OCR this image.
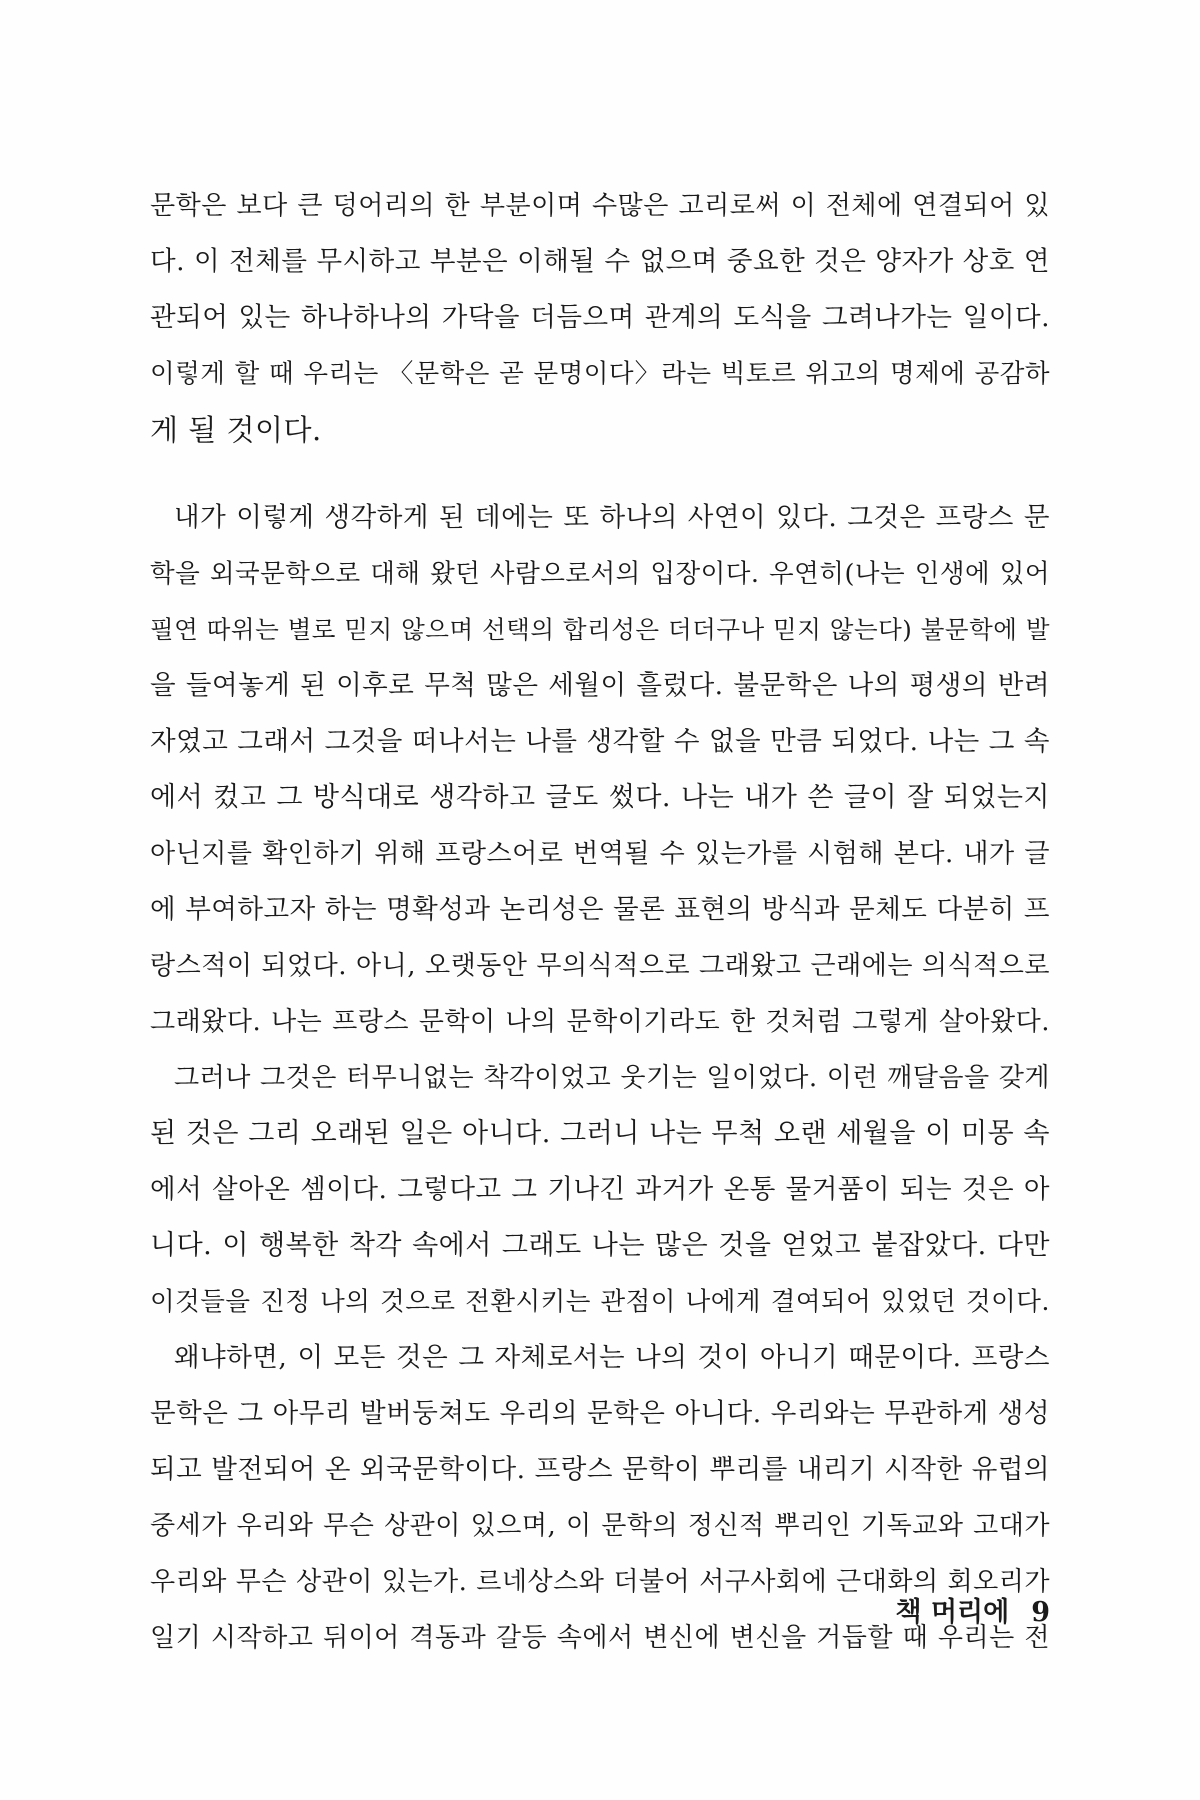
문학은 보다 큰 덩어리의 한 부분이며 수많은 고리로써 이 전체에 연결되어 있
다. 이 전체를 무시하고 부분은 이해될 수 없으며 중요한 것은 양자가 상호 연
관되어 있는 하나하나의 가닥을 더듬으며 관계의 도식을 그려나가는 일이다.
이렇게 할 때 우리는 〈문학은 곧 문명이다〉라는 빅토르 위고의 명제에 공감하
게 될 것이다.
내가 이렇게 생각하게 된 데에는 또 하나의 사연이 있다. 그것은 프랑스 문
학을 외국문학으로 대해 왔던 사람으로서의 입장이다. 우연히(나는 인생에 있어
필연 따위는 별로 믿지 않으며 선택의 합리성은 더더구나 믿지 않는다) 불문학에 발
을 들여놓게 된 이후로 무척 많은 세월이 흘렀다. 불문학은 나의 평생의 반려
자였고 그래서 그것을 떠나서는 나를 생각할 수 없을 만큼 되었다. 나는 그 속
에서 컸고 그 방식대로 생각하고 글도 썼다. 나는 내가 쓴 글이 잘 되었는지
아닌지를 확인하기 위해 프랑스어로 번역될 수 있는가를 시험해 본다. 내가 글
에 부여하고자 하는 명확성과 논리성은 물론 표현의 방식과 문체도 다분히 프
랑스적이 되었다. 아니, 오랫동안 무의식적으로 그래왔고 근래에는 의식적으로
그래왔다. 나는 프랑스 문학이 나의 문학이기라도 한 것처럼 그렇게 살아왔다.
그러나 그것은 터무니없는 착각이었고 웃기는 일이었다. 이런 깨달음을 갖게
된 것은 그리 오래된 일은 아니다. 그러니 나는 무척 오랜 세월을 이 미몽 속
에서 살아온 셈이다. 그렇다고 그 기나긴 과거가 온통 물거품이 되는 것은 아
니다. 이 행복한 착각 속에서 그래도 나는 많은 것을 얻었고 붙잡았다. 다만
이것들을 진정 나의 것으로 전환시키는 관점이 나에게 결여되어 있었던 것이다.
왜냐하면, 이 모든 것은 그 자체로서는 나의 것이 아니기 때문이다. 프랑스
문학은 그 아무리 발버둥쳐도 우리의 문학은 아니다. 우리와는 무관하게 생성
되고 발전되어 온 외국문학이다. 프랑스 문학이 뿌리를 내리기 시작한 유럽의
중세가 우리와 무슨 상관이 있으며, 이 문학의 정신적 뿌리인 기독교와 고대가
우리와 무슨 상관이 있는가. 르네상스와 더불어 서구사회에 근대화의 회오리가
일기 시작하고 뒤이어 격동과 갈등 속에서 변신에 변신을 거듭할 때 우리는 전
책 머리에 9
